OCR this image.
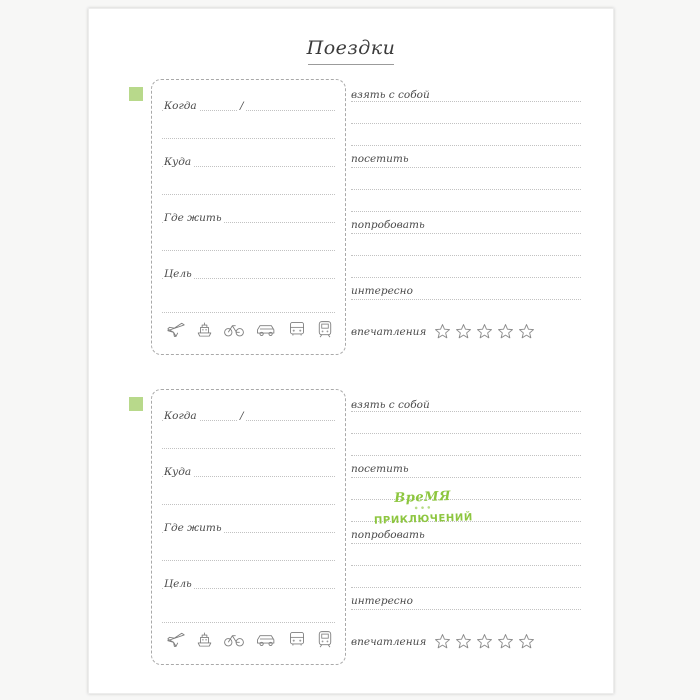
Поездки
Когда	/
Куда
Где жить
Цель
взять с собой
посетить
попробовать
интересно
впечатления
Когда	/
Куда
Где жить
Цель
взять с собой
посетить
попробовать
интересно
впечатления
ВреМЯ
•••
ПРИКЛЮЧЕНИЙ
